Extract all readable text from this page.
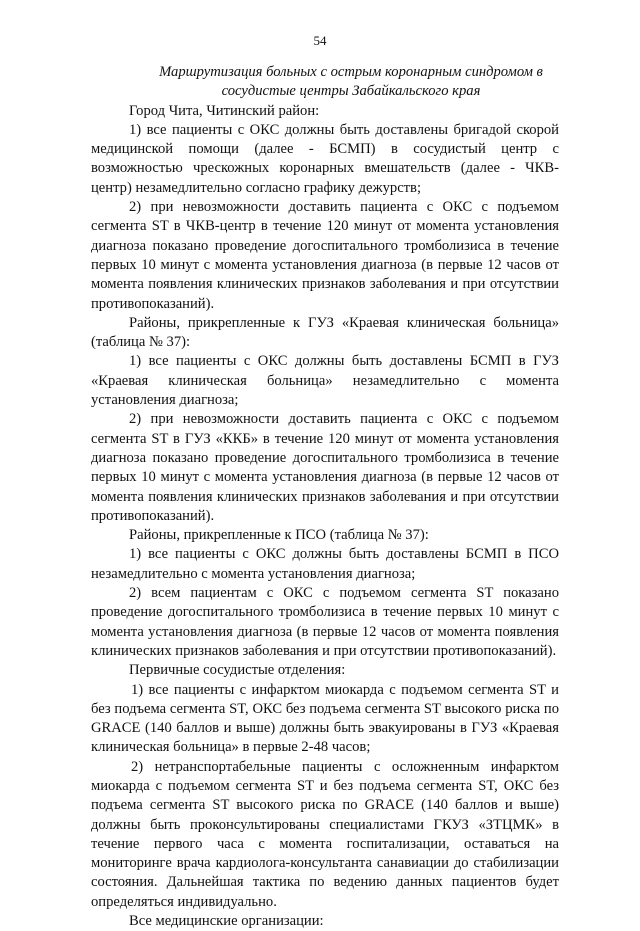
54
Маршрутизация больных с острым коронарным синдромом в
сосудистые центры Забайкальского края

Город Чита, Читинский район:

1) все пациенты с ОКС должны быть доставлены бригадой скорой медицинской помощи (далее - БСМП) в сосудистый центр с возможностью чрескожных коронарных вмешательств (далее - ЧКВ-центр) незамедлительно согласно графику дежурств;

2) при невозможности доставить пациента с ОКС с подъемом сегмента ST в ЧКВ-центр в течение 120 минут от момента установления диагноза показано проведение догоспитального тромболизиса в течение первых 10 минут с момента установления диагноза (в первые 12 часов от момента появления клинических признаков заболевания и при отсутствии противопоказаний).

Районы, прикрепленные к ГУЗ «Краевая клиническая больница» (таблица № 37):

1) все пациенты с ОКС должны быть доставлены БСМП в ГУЗ «Краевая клиническая больница» незамедлительно с момента установления диагноза;

2) при невозможности доставить пациента с ОКС с подъемом сегмента ST в ГУЗ «ККБ» в течение 120 минут от момента установления диагноза показано проведение догоспитального тромболизиса в течение первых 10 минут с момента установления диагноза (в первые 12 часов от момента появления клинических признаков заболевания и при отсутствии противопоказаний).

Районы, прикрепленные к ПСО (таблица № 37):

1) все пациенты с ОКС должны быть доставлены БСМП в ПСО незамедлительно с момента установления диагноза;

2) всем пациентам с ОКС с подъемом сегмента ST показано проведение догоспитального тромболизиса в течение первых 10 минут с момента установления диагноза (в первые 12 часов от момента появления клинических признаков заболевания и при отсутствии противопоказаний).

Первичные сосудистые отделения:

1) все пациенты с инфарктом миокарда с подъемом сегмента ST и без подъема сегмента ST, ОКС без подъема сегмента ST высокого риска по GRACE (140 баллов и выше) должны быть эвакуированы в ГУЗ «Краевая клиническая больница» в первые 2-48 часов;

2) нетранспортабельные пациенты с осложненным инфарктом миокарда с подъемом сегмента ST и без подъема сегмента ST, ОКС без подъема сегмента ST высокого риска по GRACE (140 баллов и выше) должны быть проконсультированы специалистами ГКУЗ «ЗТЦМК» в течение первого часа с момента госпитализации, оставаться на мониторинге врача кардиолога-консультанта санавиации до стабилизации состояния. Дальнейшая тактика по ведению данных пациентов будет определяться индивидуально.

Все медицинские организации:
